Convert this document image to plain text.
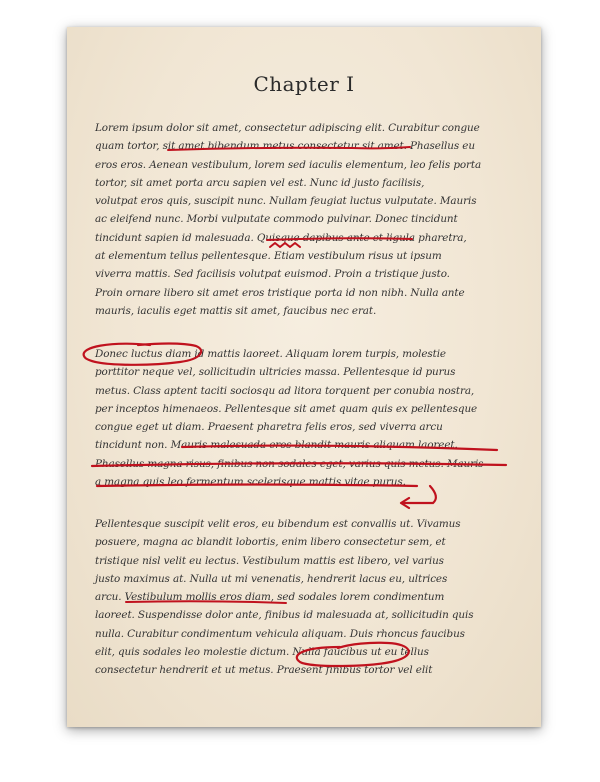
Chapter I
Lorem ipsum dolor sit amet, consectetur adipiscing elit. Curabitur congue
quam tortor, sit amet bibendum metus consectetur sit amet. Phasellus eu
eros eros. Aenean vestibulum, lorem sed iaculis elementum, leo felis porta
tortor, sit amet porta arcu sapien vel est. Nunc id justo facilisis,
volutpat eros quis, suscipit nunc. Nullam feugiat luctus vulputate. Mauris
ac eleifend nunc. Morbi vulputate commodo pulvinar. Donec tincidunt
tincidunt sapien id malesuada. Quisque dapibus ante et ligula pharetra,
at elementum tellus pellentesque. Etiam vestibulum risus ut ipsum
viverra mattis. Sed facilisis volutpat euismod. Proin a tristique justo.
Proin ornare libero sit amet eros tristique porta id non nibh. Nulla ante
mauris, iaculis eget mattis sit amet, faucibus nec erat.
Donec luctus diam id mattis laoreet. Aliquam lorem turpis, molestie
porttitor neque vel, sollicitudin ultricies massa. Pellentesque id purus
metus. Class aptent taciti sociosqu ad litora torquent per conubia nostra,
per inceptos himenaeos. Pellentesque sit amet quam quis ex pellentesque
congue eget ut diam. Praesent pharetra felis eros, sed viverra arcu
tincidunt non. Mauris malesuada eros blandit mauris aliquam laoreet.
Phasellus magna risus, finibus non sodales eget, varius quis metus. Mauris
a magna quis leo fermentum scelerisque mattis vitae purus.
Pellentesque suscipit velit eros, eu bibendum est convallis ut. Vivamus
posuere, magna ac blandit lobortis, enim libero consectetur sem, et
tristique nisl velit eu lectus. Vestibulum mattis est libero, vel varius
justo maximus at. Nulla ut mi venenatis, hendrerit lacus eu, ultrices
arcu. Vestibulum mollis eros diam, sed sodales lorem condimentum
laoreet. Suspendisse dolor ante, finibus id malesuada at, sollicitudin quis
nulla. Curabitur condimentum vehicula aliquam. Duis rhoncus faucibus
elit, quis sodales leo molestie dictum. Nulla faucibus ut eu tellus
consectetur hendrerit et ut metus. Praesent finibus tortor vel elit
